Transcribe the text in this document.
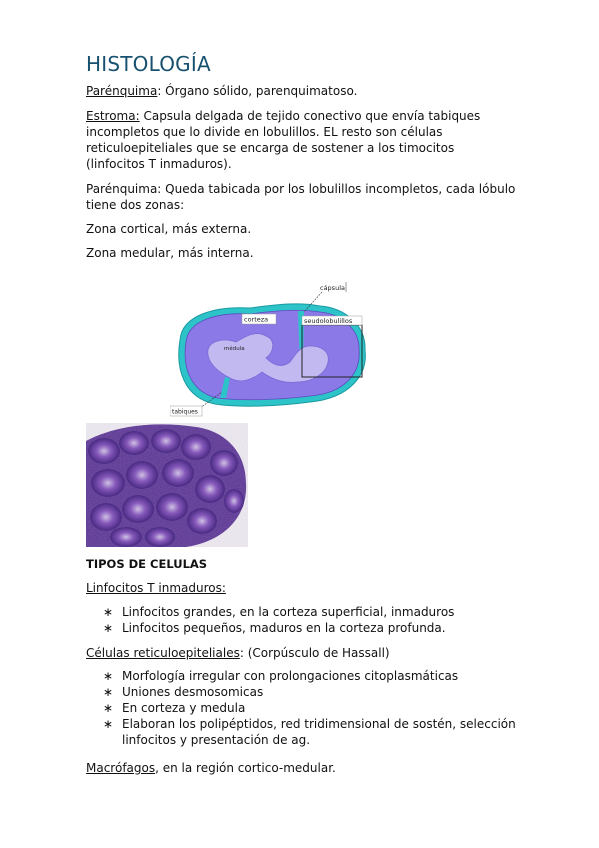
HISTOLOGÍA

Parénquima: Órgano sólido, parenquimatoso.

Estroma: Capsula delgada de tejido conectivo que envía tabiques incompletos que lo divide en lobulillos. EL resto son células reticuloepiteliales que se encarga de sostener a los timocitos (linfocitos T inmaduros).

Parénquima: Queda tabicada por los lobulillos incompletos, cada lóbulo tiene dos zonas:

Zona cortical, más externa.

Zona medular, más interna.

TIPOS DE CELULAS

Linfocitos T inmaduros:

∗ Linfocitos grandes, en la corteza superficial, inmaduros
∗ Linfocitos pequeños, maduros en la corteza profunda.

Células reticuloepiteliales: (Corpúsculo de Hassall)

∗ Morfología irregular con prolongaciones citoplasmáticas
∗ Uniones desmosomicas
∗ En corteza y medula
∗ Elaboran los polipéptidos, red tridimensional de sostén, selección linfocitos y presentación de ag.

Macrófagos, en la región cortico-medular.

corteza	seudolobulillos
médula
cápsula
tabiques
